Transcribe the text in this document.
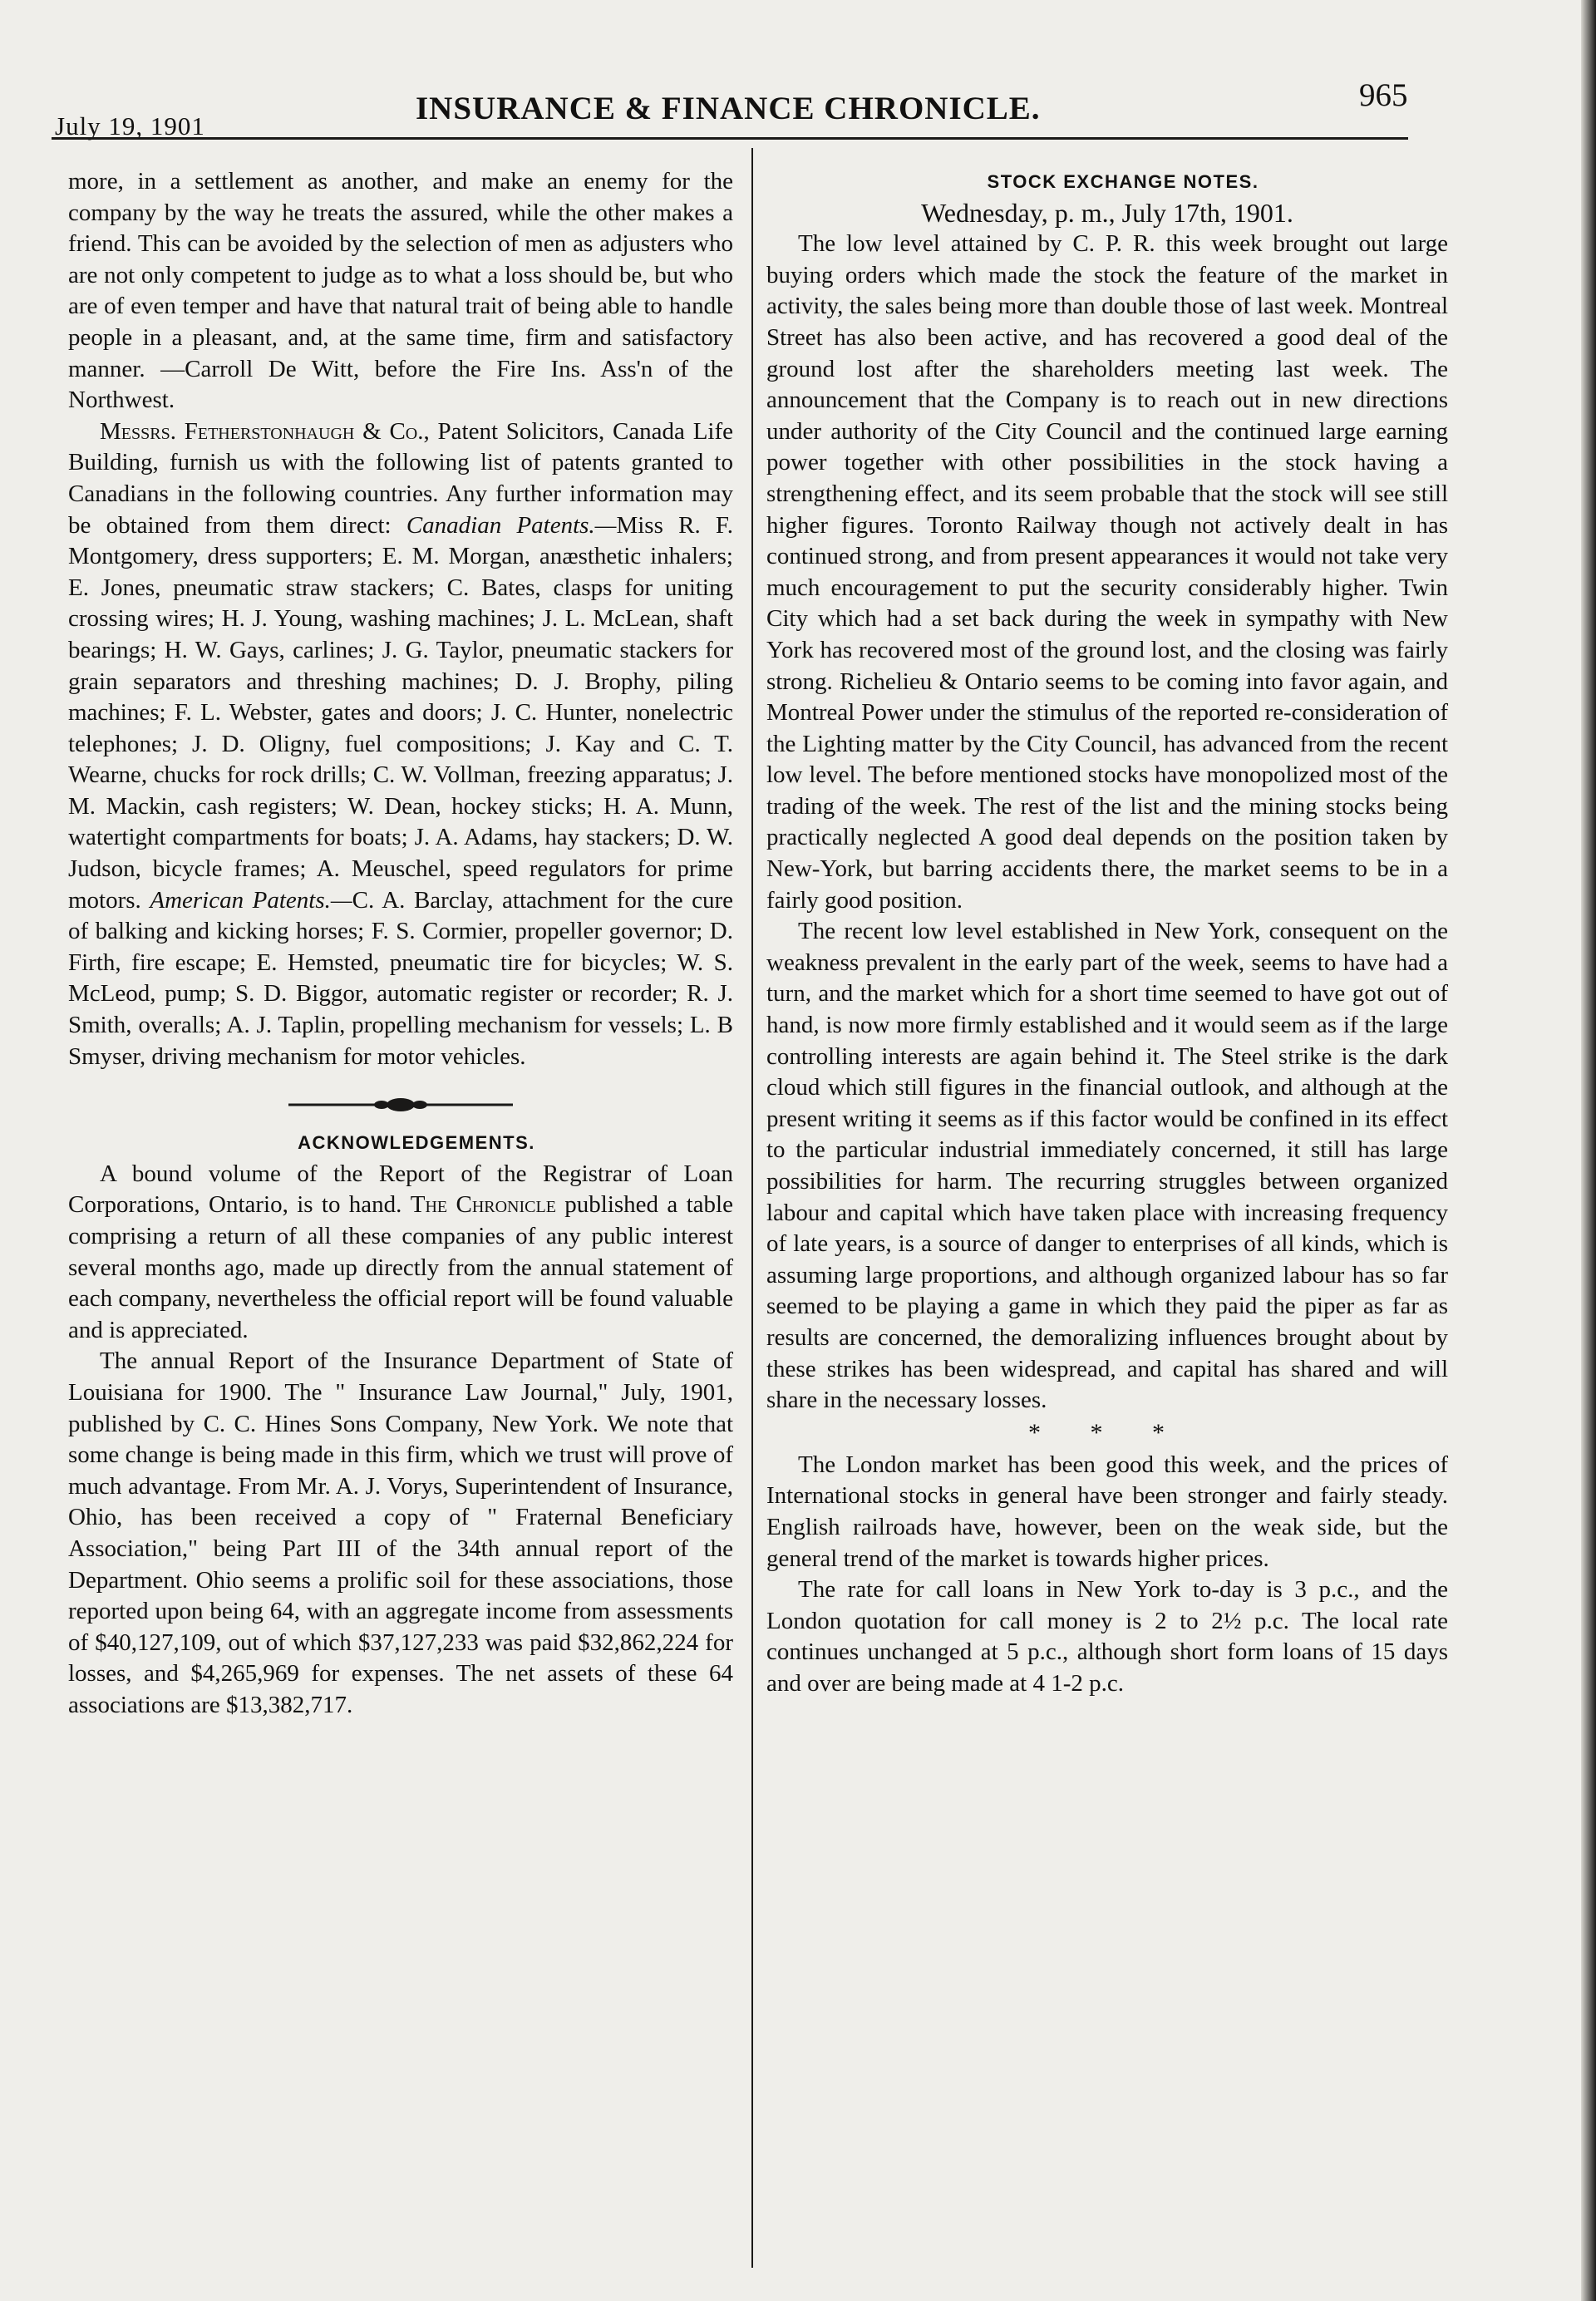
July 19, 1901	INSURANCE & FINANCE CHRONICLE.	965

more, in a settlement as another, and make an enemy for the company by the way he treats the assured, while the other makes a friend. This can be avoided by the selection of men as adjusters who are not only competent to judge as to what a loss should be, but who are of even temper and have that natural trait of being able to handle people in a pleasant, and, at the same time, firm and satisfactory manner. —Carroll De Witt, before the Fire Ins. Ass'n of the Northwest.

Messrs. Fetherstonhaugh & Co., Patent Solicitors, Canada Life Building, furnish us with the following list of patents granted to Canadians in the following countries. Any further information may be obtained from them direct: Canadian Patents.—Miss R. F. Montgomery, dress supporters; E. M. Morgan, anæsthetic inhalers; E. Jones, pneumatic straw stackers; C. Bates, clasps for uniting crossing wires; H. J. Young, washing machines; J. L. McLean, shaft bearings; H. W. Gays, carlines; J. G. Taylor, pneumatic stackers for grain separators and threshing machines; D. J. Brophy, piling machines; F. L. Webster, gates and doors; J. C. Hunter, nonelectric telephones; J. D. Oligny, fuel compositions; J. Kay and C. T. Wearne, chucks for rock drills; C. W. Vollman, freezing apparatus; J. M. Mackin, cash registers; W. Dean, hockey sticks; H. A. Munn, watertight compartments for boats; J. A. Adams, hay stackers; D. W. Judson, bicycle frames; A. Meuschel, speed regulators for prime motors. American Patents.—C. A. Barclay, attachment for the cure of balking and kicking horses; F. S. Cormier, propeller governor; D. Firth, fire escape; E. Hemsted, pneumatic tire for bicycles; W. S. McLeod, pump; S. D. Biggor, automatic register or recorder; R. J. Smith, overalls; A. J. Taplin, propelling mechanism for vessels; L. B Smyser, driving mechanism for motor vehicles.

ACKNOWLEDGEMENTS.

A bound volume of the Report of the Registrar of Loan Corporations, Ontario, is to hand. The Chronicle published a table comprising a return of all these companies of any public interest several months ago, made up directly from the annual statement of each company, nevertheless the official report will be found valuable and is appreciated.

The annual Report of the Insurance Department of State of Louisiana for 1900. The " Insurance Law Journal," July, 1901, published by C. C. Hines Sons Company, New York. We note that some change is being made in this firm, which we trust will prove of much advantage. From Mr. A. J. Vorys, Superintendent of Insurance, Ohio, has been received a copy of " Fraternal Beneficiary Association," being Part III of the 34th annual report of the Department. Ohio seems a prolific soil for these associations, those reported upon being 64, with an aggregate income from assessments of $40,127,109, out of which $37,127,233 was paid $32,862,224 for losses, and $4,265,969 for expenses. The net assets of these 64 associations are $13,382,717.

STOCK EXCHANGE NOTES.

Wednesday, p. m., July 17th, 1901.

The low level attained by C. P. R. this week brought out large buying orders which made the stock the feature of the market in activity, the sales being more than double those of last week. Montreal Street has also been active, and has recovered a good deal of the ground lost after the shareholders meeting last week. The announcement that the Company is to reach out in new directions under authority of the City Council and the continued large earning power together with other possibilities in the stock having a strengthening effect, and its seem probable that the stock will see still higher figures. Toronto Railway though not actively dealt in has continued strong, and from present appearances it would not take very much encouragement to put the security considerably higher. Twin City which had a set back during the week in sympathy with New York has recovered most of the ground lost, and the closing was fairly strong. Richelieu & Ontario seems to be coming into favor again, and Montreal Power under the stimulus of the reported re-consideration of the Lighting matter by the City Council, has advanced from the recent low level. The before mentioned stocks have monopolized most of the trading of the week. The rest of the list and the mining stocks being practically neglected A good deal depends on the position taken by New-York, but barring accidents there, the market seems to be in a fairly good position.

The recent low level established in New York, consequent on the weakness prevalent in the early part of the week, seems to have had a turn, and the market which for a short time seemed to have got out of hand, is now more firmly established and it would seem as if the large controlling interests are again behind it. The Steel strike is the dark cloud which still figures in the financial outlook, and although at the present writing it seems as if this factor would be confined in its effect to the particular industrial immediately concerned, it still has large possibilities for harm. The recurring struggles between organized labour and capital which have taken place with increasing frequency of late years, is a source of danger to enterprises of all kinds, which is assuming large proportions, and although organized labour has so far seemed to be playing a game in which they paid the piper as far as results are concerned, the demoralizing influences brought about by these strikes has been widespread, and capital has shared and will share in the necessary losses.

* * *

The London market has been good this week, and the prices of International stocks in general have been stronger and fairly steady. English railroads have, however, been on the weak side, but the general trend of the market is towards higher prices.

The rate for call loans in New York to-day is 3 p.c., and the London quotation for call money is 2 to 2½ p.c. The local rate continues unchanged at 5 p.c., although short form loans of 15 days and over are being made at 4 1-2 p.c.
